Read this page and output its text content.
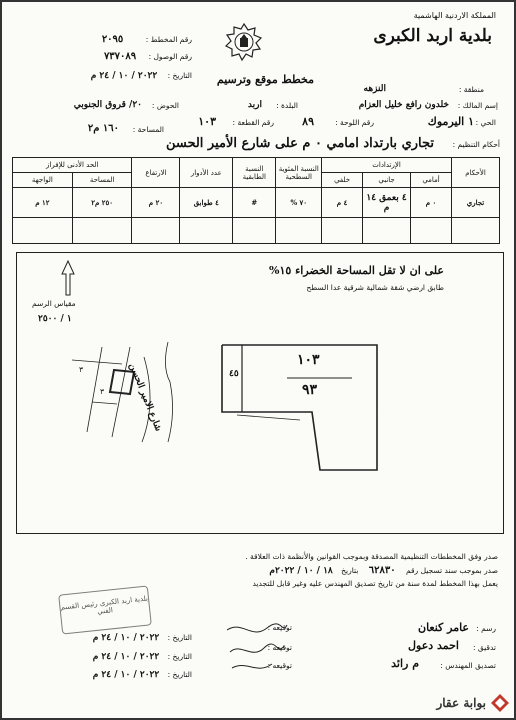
المملكة الاردنية الهاشمية
بلدية اربد الكبرى
مخطط موقع وترسيم
رقم المخطط : ٢٠٩٥
رقم الوصول : ٧٣٧٠٨٩
التاريخ : ٢٠٢٢ / ١٠ / ٢٤ م
منطقة :
النزهه
إسم المالك :
خلدون رافع خليل العزام
البلدة :
اربد
الحوض :
٢٠/ قروق الجنوبي
الحي :
١ اليرموك
رقم اللوحة :
٨٩
رقم القطعة :
١٠٣
المساحة :
١٦٠ م٢
أحكام التنظيم :
تجاري بارتداد امامي ٠ م على شارع الأمير الحسن
الأحكام	الإرتدادات			النسبة المئوية السطحية	النسبة الطابقية	عدد الأدوار	الارتفاع	الحد الأدنى للإفراز	
	أمامي	جانبي	خلفي					المساحة	الواجهة
تجاري	٠ م	٤ بعمق ١٤ م	٤ م	٧٠ %	#	٤ طوابق	٢٠ م	٢٥٠ م٢	١٢ م

على ان لا تقل المساحة الخضراء ١٥%
طابق ارضي شقة شمالية شرقية عدا السطح
مقياس الرسم
١ / ٢٥٠٠
٣
٣	شارع الامير الحسن
١٠٣
٩٣
٤٥
صدر وفق المخططات التنظيمية المصدقة وبموجب القوانين والأنظمة ذات العلاقة .
صدر بموجب سند تسجيل رقم ٦٢٨٣٠ بتاريخ ١٨ / ١٠ / ٢٠٢٢م
يعمل بهذا المخطط لمدة سنة من تاريخ تصديق المهندس عليه وغير قابل للتجديد
رسم :
عامر كنعان
تدقيق :
احمد دعول
تصديق المهندس :
م رائد
توقيعه :
توقيعه :
توقيعه :
التاريخ : ٢٠٢٢ / ١٠ / ٢٤ م
التاريخ : ٢٠٢٢ / ١٠ / ٢٤ م
التاريخ : ٢٠٢٢ / ١٠ / ٢٤ م
بلدية اربد الكبرى رئيس القسم الفني
بوابة عقار
